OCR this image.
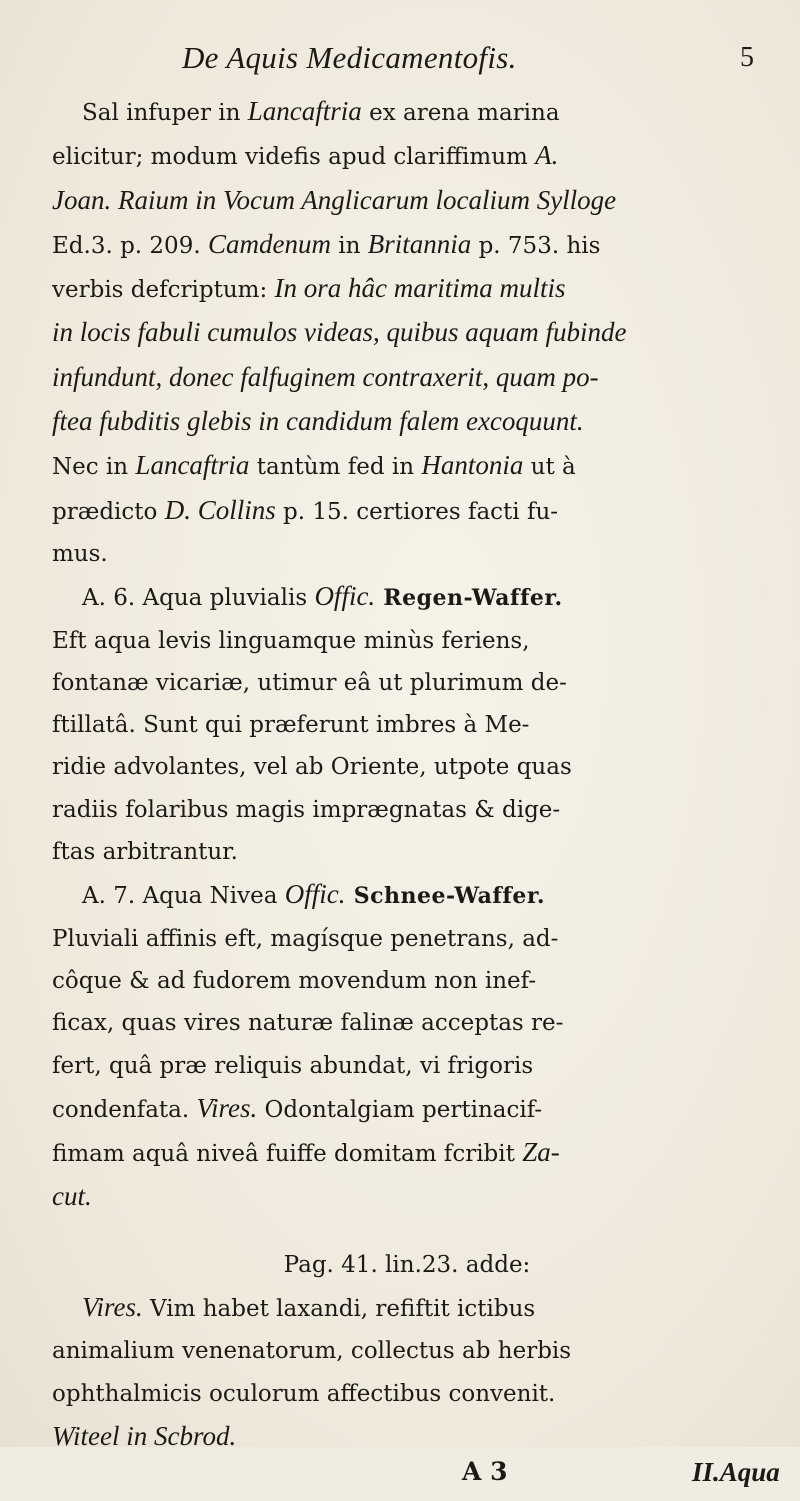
De Aquis Medicamentofis.	5
Sal infuper in Lancaftria ex arena marina
elicitur; modum videfis apud clariffimum A.
Joan. Raium in Vocum Anglicarum localium Sylloge
Ed.3. p. 209. Camdenum in Britannia p. 753. his
verbis defcriptum: In ora hâc maritima multis
in locis fabuli cumulos videas, quibus aquam fubinde
infundunt, donec falfuginem contraxerit, quam po-
ftea fubditis glebis in candidum falem excoquunt.
Nec in Lancaftria tantùm fed in Hantonia ut à
prædicto D. Collins p. 15. certiores facti fu-
mus.
A. 6. Aqua pluvialis Offic. Regen-Waffer.
Eft aqua levis linguamque minùs feriens,
fontanæ vicariæ, utimur eâ ut plurimum de-
ftillatâ. Sunt qui præferunt imbres à Me-
ridie advolantes, vel ab Oriente, utpote quas
radiis folaribus magis imprægnatas & dige-
ftas arbitrantur.
A. 7. Aqua Nivea Offic. Schnee-Waffer.
Pluviali affinis eft, magísque penetrans, ad-
côque & ad fudorem movendum non inef-
ficax, quas vires naturæ falinæ acceptas re-
fert, quâ præ reliquis abundat, vi frigoris
condenfata. Vires. Odontalgiam pertinacif-
fimam aquâ niveâ fuiffe domitam fcribit Za-
cut.
Pag. 41. lin.23. adde:
Vires. Vim habet laxandi, refiftit ictibus
animalium venenatorum, collectus ab herbis
ophthalmicis oculorum affectibus convenit.
Witeel in Scbrod.
A 3	II.Aqua
